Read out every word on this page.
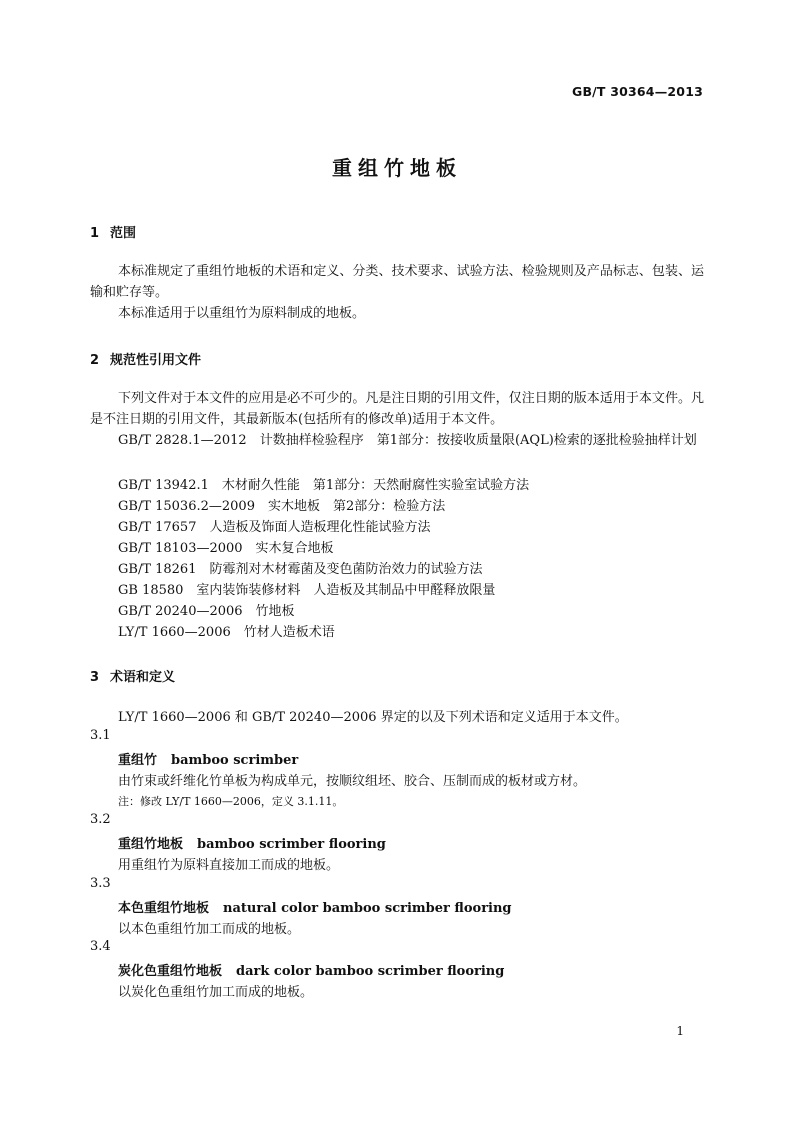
GB/T 30364—2013
重组竹地板
1 范围
本标准规定了重组竹地板的术语和定义、分类、技术要求、试验方法、检验规则及产品标志、包装、运输和贮存等。
本标准适用于以重组竹为原料制成的地板。
2 规范性引用文件
下列文件对于本文件的应用是必不可少的。凡是注日期的引用文件，仅注日期的版本适用于本文件。凡是不注日期的引用文件，其最新版本(包括所有的修改单)适用于本文件。
GB/T 2828.1—2012　计数抽样检验程序　第1部分：按接收质量限(AQL)检索的逐批检验抽样计划
GB/T 13942.1　木材耐久性能　第1部分：天然耐腐性实验室试验方法
GB/T 15036.2—2009　实木地板　第2部分：检验方法
GB/T 17657　人造板及饰面人造板理化性能试验方法
GB/T 18103—2000　实木复合地板
GB/T 18261　防霉剂对木材霉菌及变色菌防治效力的试验方法
GB 18580　室内装饰装修材料　人造板及其制品中甲醛释放限量
GB/T 20240—2006　竹地板
LY/T 1660—2006　竹材人造板术语
3 术语和定义
LY/T 1660—2006 和 GB/T 20240—2006 界定的以及下列术语和定义适用于本文件。
3.1
重组竹 bamboo scrimber
由竹束或纤维化竹单板为构成单元，按顺纹组坯、胶合、压制而成的板材或方材。
注：修改 LY/T 1660—2006，定义 3.1.11。
3.2
重组竹地板 bamboo scrimber flooring
用重组竹为原料直接加工而成的地板。
3.3
本色重组竹地板 natural color bamboo scrimber flooring
以本色重组竹加工而成的地板。
3.4
炭化色重组竹地板 dark color bamboo scrimber flooring
以炭化色重组竹加工而成的地板。
1
